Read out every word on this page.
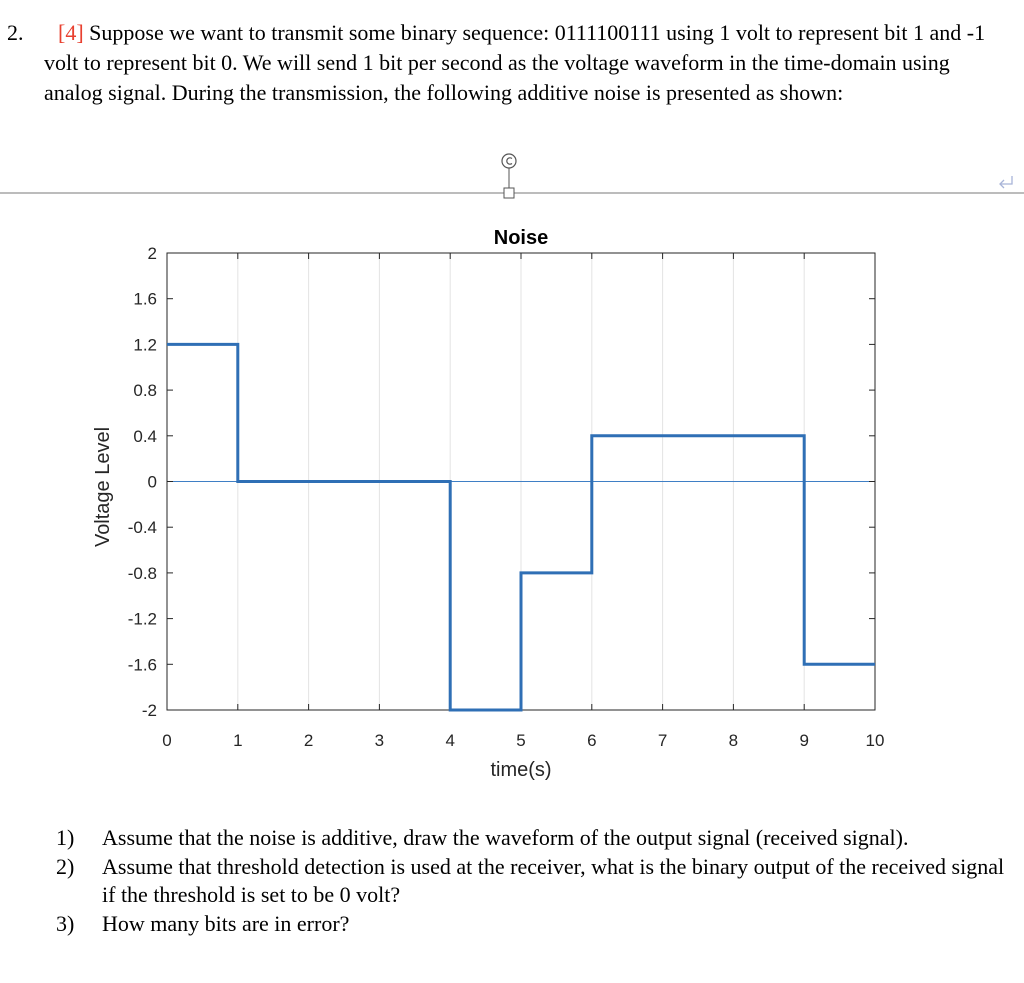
2.	[4] Suppose we want to transmit some binary sequence: 0111100111 using 1 volt to represent bit 1 and -1 volt to represent bit 0. We will send 1 bit per second as the voltage waveform in the time-domain using analog signal. During the transmission, the following additive noise is presented as shown:
0	1	2	3	4	5	6	7	8	9	10
2
1.6
1.2
0.8
0.4
0
-0.4
-0.8
-1.2
-1.6
-2
Noise
time(s)
Voltage Level
1) Assume that the noise is additive, draw the waveform of the output signal (received signal).
2) Assume that threshold detection is used at the receiver, what is the binary output of the received signal if the threshold is set to be 0 volt?
3) How many bits are in error?
